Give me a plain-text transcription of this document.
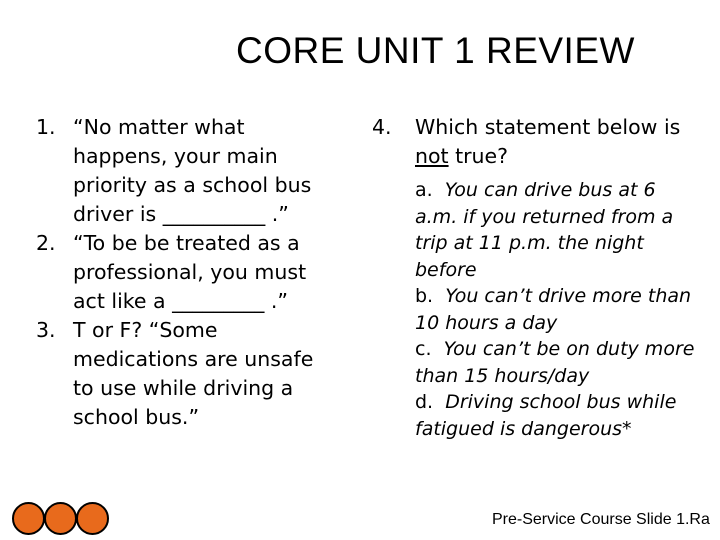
CORE UNIT 1 REVIEW
1. “No matter what happens, your main priority as a school bus driver is __________ .”
2. “To be be treated as a professional, you must act like a _________ .”
3. T or F? “Some medications are unsafe to use while driving a school bus.”
4.	Which statement below is not true?
a. You can drive bus at 6 a.m. if you returned from a trip at 11 p.m. the night before
b. You can’t drive more than 10 hours a day
c. You can’t be on duty more than 15 hours/day
d. Driving school bus while fatigued is dangerous*
Pre-Service Course Slide 1.Ra
